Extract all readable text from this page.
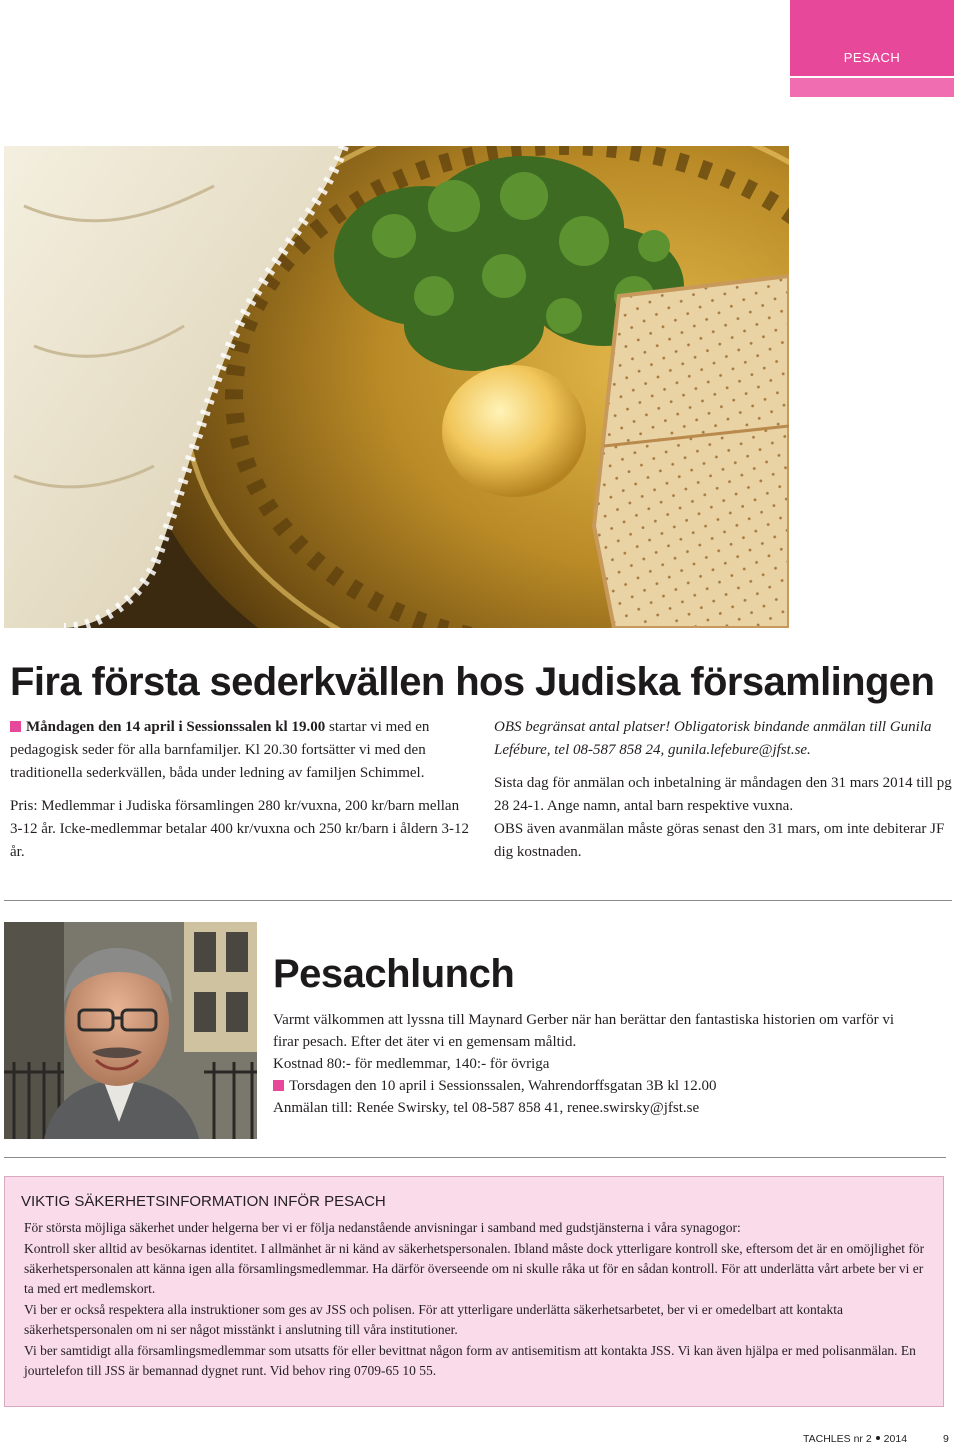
PESACH
Fira första sederkvällen hos Judiska församlingen

Måndagen den 14 april i Sessionssalen kl 19.00 startar vi med en pedagogisk seder för alla barnfamiljer. Kl 20.30 fortsätter vi med den traditionella sederkvällen, båda under ledning av familjen Schimmel.

Pris: Medlemmar i Judiska församlingen 280 kr/vuxna, 200 kr/barn mellan 3-12 år. Icke-medlemmar betalar 400 kr/vuxna och 250 kr/barn i åldern 3-12 år.

OBS begränsat antal platser! Obligatorisk bindande anmälan till Gunila Lefébure, tel 08-587 858 24, gunila.lefebure@jfst.se.

Sista dag för anmälan och inbetalning är måndagen den 31 mars 2014 till pg 28 24-1. Ange namn, antal barn respektive vuxna.

OBS även avanmälan måste göras senast den 31 mars, om inte debiterar JF dig kostnaden.

Pesachlunch

Varmt välkommen att lyssna till Maynard Gerber när han berättar den fantastiska historien om varför vi firar pesach. Efter det äter vi en gemensam måltid.

Kostnad 80:- för medlemmar, 140:- för övriga

Torsdagen den 10 april i Sessionssalen, Wahrendorffsgatan 3B kl 12.00

Anmälan till: Renée Swirsky, tel 08-587 858 41, renee.swirsky@jfst.se

VIKTIG SÄKERHETSINFORMATION INFÖR PESACH

För största möjliga säkerhet under helgerna ber vi er följa nedanstående anvisningar i samband med gudstjänsterna i våra synagogor:

Kontroll sker alltid av besökarnas identitet. I allmänhet är ni känd av säkerhetspersonalen. Ibland måste dock ytterligare kontroll ske, eftersom det är en omöjlighet för säkerhetspersonalen att känna igen alla församlingsmedlemmar. Ha därför överseende om ni skulle råka ut för en sådan kontroll. För att underlätta vårt arbete ber vi er ta med ert medlemskort.

Vi ber er också respektera alla instruktioner som ges av JSS och polisen. För att ytterligare underlätta säkerhetsarbetet, ber vi er omedelbart att kontakta säkerhetspersonalen om ni ser något misstänkt i anslutning till våra institutioner.

Vi ber samtidigt alla församlingsmedlemmar som utsatts för eller bevittnat någon form av antisemitism att kontakta JSS. Vi kan även hjälpa er med polisanmälan. En jourtelefon till JSS är bemannad dygnet runt. Vid behov ring 0709-65 10 55.

TACHLES nr 2 2014	9
